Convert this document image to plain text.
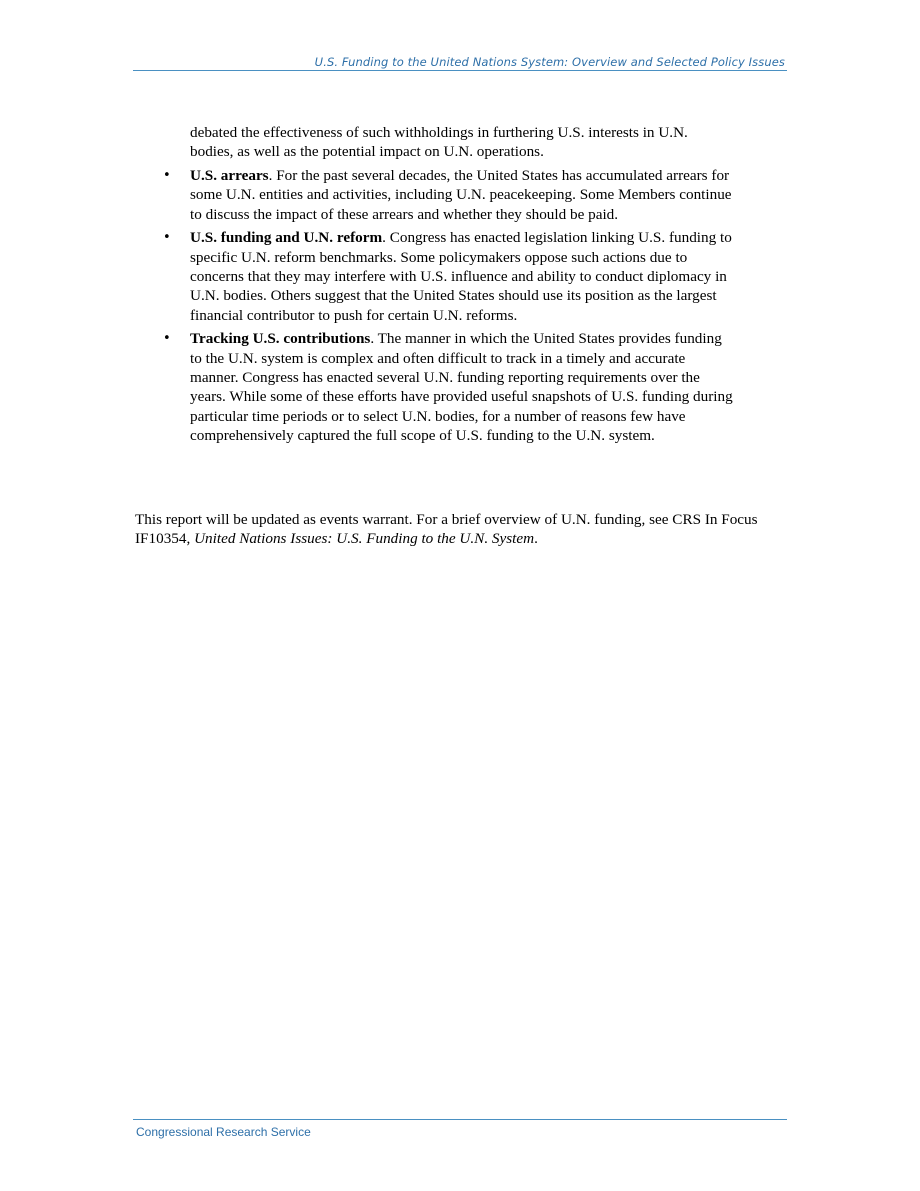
U.S. Funding to the United Nations System: Overview and Selected Policy Issues

debated the effectiveness of such withholdings in furthering U.S. interests in U.N. bodies, as well as the potential impact on U.N. operations.

• U.S. arrears. For the past several decades, the United States has accumulated arrears for some U.N. entities and activities, including U.N. peacekeeping. Some Members continue to discuss the impact of these arrears and whether they should be paid.
• U.S. funding and U.N. reform. Congress has enacted legislation linking U.S. funding to specific U.N. reform benchmarks. Some policymakers oppose such actions due to concerns that they may interfere with U.S. influence and ability to conduct diplomacy in U.N. bodies. Others suggest that the United States should use its position as the largest financial contributor to push for certain U.N. reforms.
• Tracking U.S. contributions. The manner in which the United States provides funding to the U.N. system is complex and often difficult to track in a timely and accurate manner. Congress has enacted several U.N. funding reporting requirements over the years. While some of these efforts have provided useful snapshots of U.S. funding during particular time periods or to select U.N. bodies, for a number of reasons few have comprehensively captured the full scope of U.S. funding to the U.N. system.

This report will be updated as events warrant. For a brief overview of U.N. funding, see CRS In Focus IF10354, United Nations Issues: U.S. Funding to the U.N. System.

Congressional Research Service
